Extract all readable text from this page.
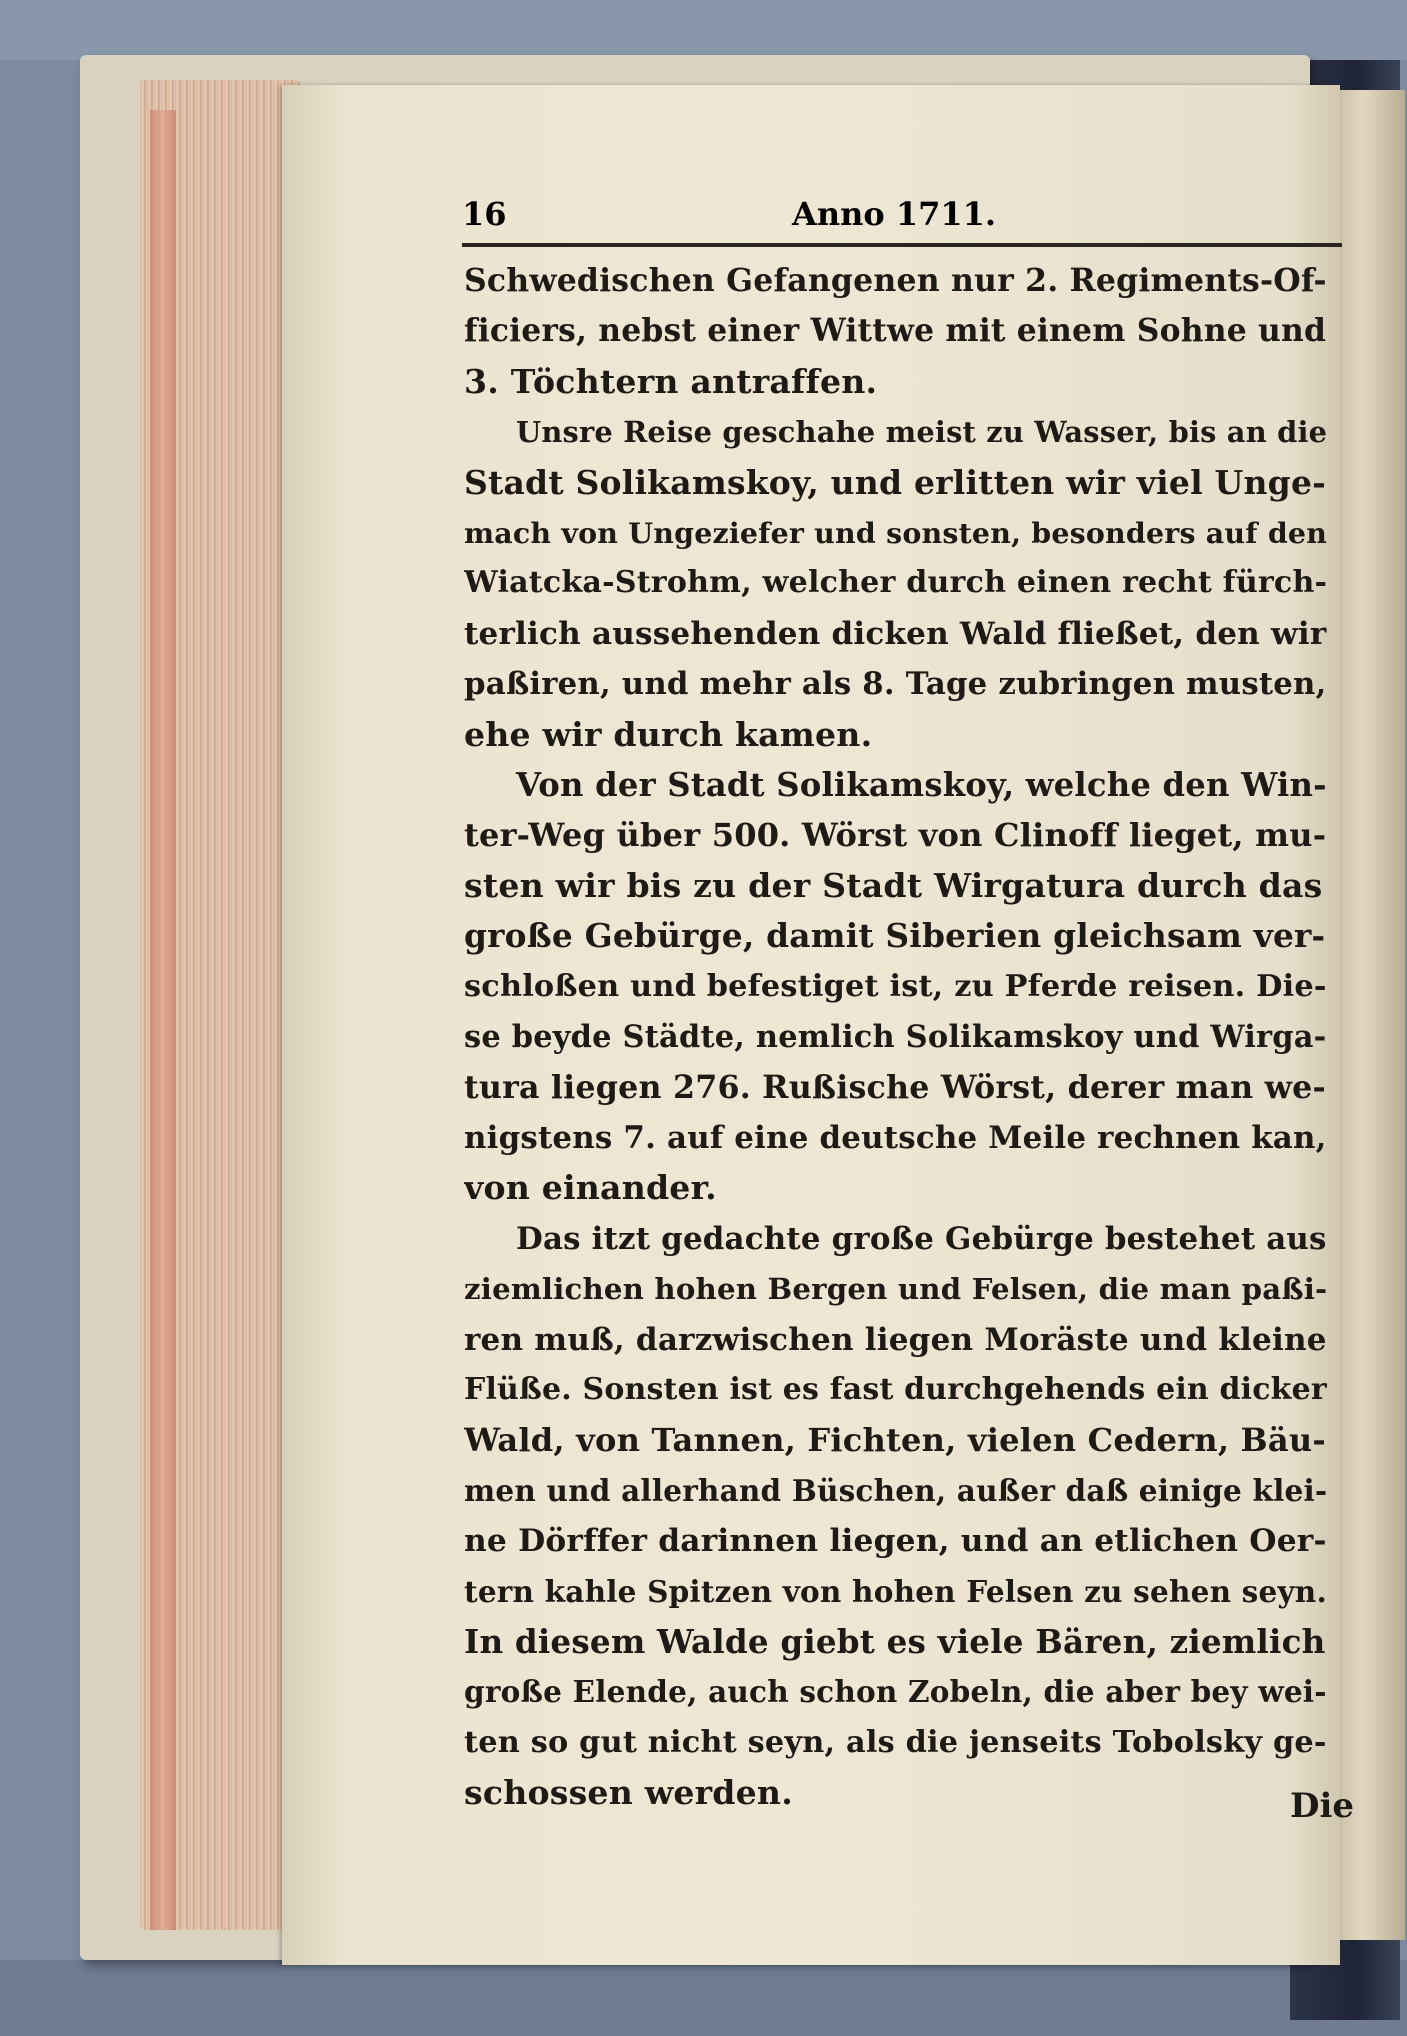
16	Anno 1711.
Schwedischen Gefangenen nur 2. Regiments-Of-
ficiers, nebst einer Wittwe mit einem Sohne und
3. Töchtern antraffen.
Unsre Reise geschahe meist zu Wasser, bis an die
Stadt Solikamskoy, und erlitten wir viel Unge-
mach von Ungeziefer und sonsten, besonders auf den
Wiatcka-Strohm, welcher durch einen recht fürch-
terlich aussehenden dicken Wald fließet, den wir
paßiren, und mehr als 8. Tage zubringen musten,
ehe wir durch kamen.
Von der Stadt Solikamskoy, welche den Win-
ter-Weg über 500. Wörst von Clinoff lieget, mu-
sten wir bis zu der Stadt Wirgatura durch das
große Gebürge, damit Siberien gleichsam ver-
schloßen und befestiget ist, zu Pferde reisen. Die-
se beyde Städte, nemlich Solikamskoy und Wirga-
tura liegen 276. Rußische Wörst, derer man we-
nigstens 7. auf eine deutsche Meile rechnen kan,
von einander.
Das itzt gedachte große Gebürge bestehet aus
ziemlichen hohen Bergen und Felsen, die man paßi-
ren muß, darzwischen liegen Moräste und kleine
Flüße. Sonsten ist es fast durchgehends ein dicker
Wald, von Tannen, Fichten, vielen Cedern, Bäu-
men und allerhand Büschen, außer daß einige klei-
ne Dörffer darinnen liegen, und an etlichen Oer-
tern kahle Spitzen von hohen Felsen zu sehen seyn.
In diesem Walde giebt es viele Bären, ziemlich
große Elende, auch schon Zobeln, die aber bey wei-
ten so gut nicht seyn, als die jenseits Tobolsky ge-
schossen werden.	Die
